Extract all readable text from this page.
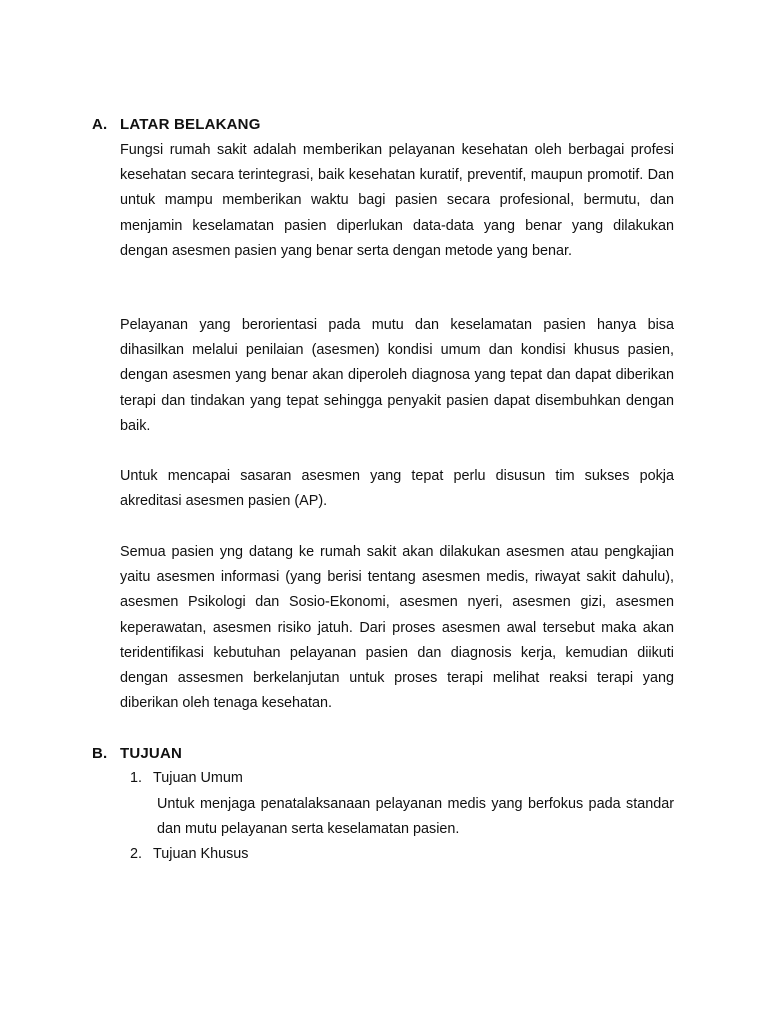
A. LATAR BELAKANG

Fungsi rumah sakit adalah memberikan pelayanan kesehatan oleh berbagai profesi kesehatan secara terintegrasi, baik kesehatan kuratif, preventif, maupun promotif. Dan untuk mampu memberikan waktu bagi pasien secara profesional, bermutu, dan menjamin keselamatan pasien diperlukan data-data yang benar yang dilakukan dengan asesmen pasien yang benar serta dengan metode yang benar.

Pelayanan yang berorientasi pada mutu dan keselamatan pasien hanya bisa dihasilkan melalui penilaian (asesmen) kondisi umum dan kondisi khusus pasien, dengan asesmen yang benar akan diperoleh diagnosa yang tepat dan dapat diberikan terapi dan tindakan yang tepat sehingga penyakit pasien dapat disembuhkan dengan baik.

Untuk mencapai sasaran asesmen yang tepat perlu disusun tim sukses pokja akreditasi asesmen pasien (AP).

Semua pasien yng datang ke rumah sakit akan dilakukan asesmen atau pengkajian yaitu asesmen informasi (yang berisi tentang asesmen medis, riwayat sakit dahulu), asesmen Psikologi dan Sosio-Ekonomi, asesmen nyeri, asesmen gizi, asesmen keperawatan, asesmen risiko jatuh. Dari proses asesmen awal tersebut maka akan teridentifikasi kebutuhan pelayanan pasien dan diagnosis kerja, kemudian diikuti dengan assesmen berkelanjutan untuk proses terapi melihat reaksi terapi yang diberikan oleh tenaga kesehatan.

B. TUJUAN
1. Tujuan Umum

Untuk menjaga penatalaksanaan pelayanan medis yang berfokus pada standar dan mutu pelayanan serta keselamatan pasien.

2. Tujuan Khusus
